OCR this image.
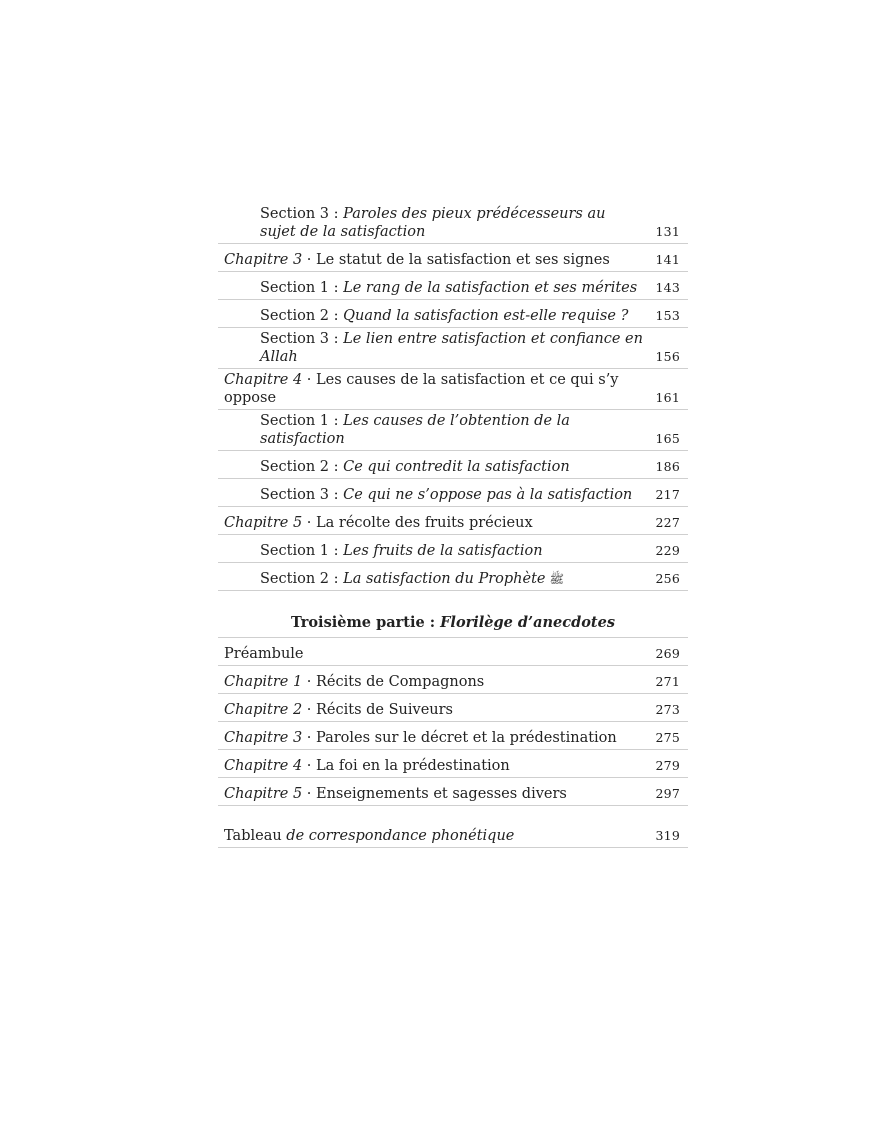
Section 3 : Paroles des pieux prédécesseurs au sujet de la satisfaction	131
Chapitre 3 · Le statut de la satisfaction et ses signes	141
Section 1 : Le rang de la satisfaction et ses mérites	143
Section 2 : Quand la satisfaction est-elle requise ?	153
Section 3 : Le lien entre satisfaction et confiance en Allah	156
Chapitre 4 · Les causes de la satisfaction et ce qui s’y oppose	161
Section 1 : Les causes de l’obtention de la satisfaction	165
Section 2 : Ce qui contredit la satisfaction	186
Section 3 : Ce qui ne s’oppose pas à la satisfaction	217
Chapitre 5 · La récolte des fruits précieux	227
Section 1 : Les fruits de la satisfaction	229
Section 2 : La satisfaction du Prophète ﷺ	256
Troisième partie : Florilège d’anecdotes
Préambule	269
Chapitre 1 · Récits de Compagnons	271
Chapitre 2 · Récits de Suiveurs	273
Chapitre 3 · Paroles sur le décret et la prédestination	275
Chapitre 4 · La foi en la prédestination	279
Chapitre 5 · Enseignements et sagesses divers	297
Tableau de correspondance phonétique	319
